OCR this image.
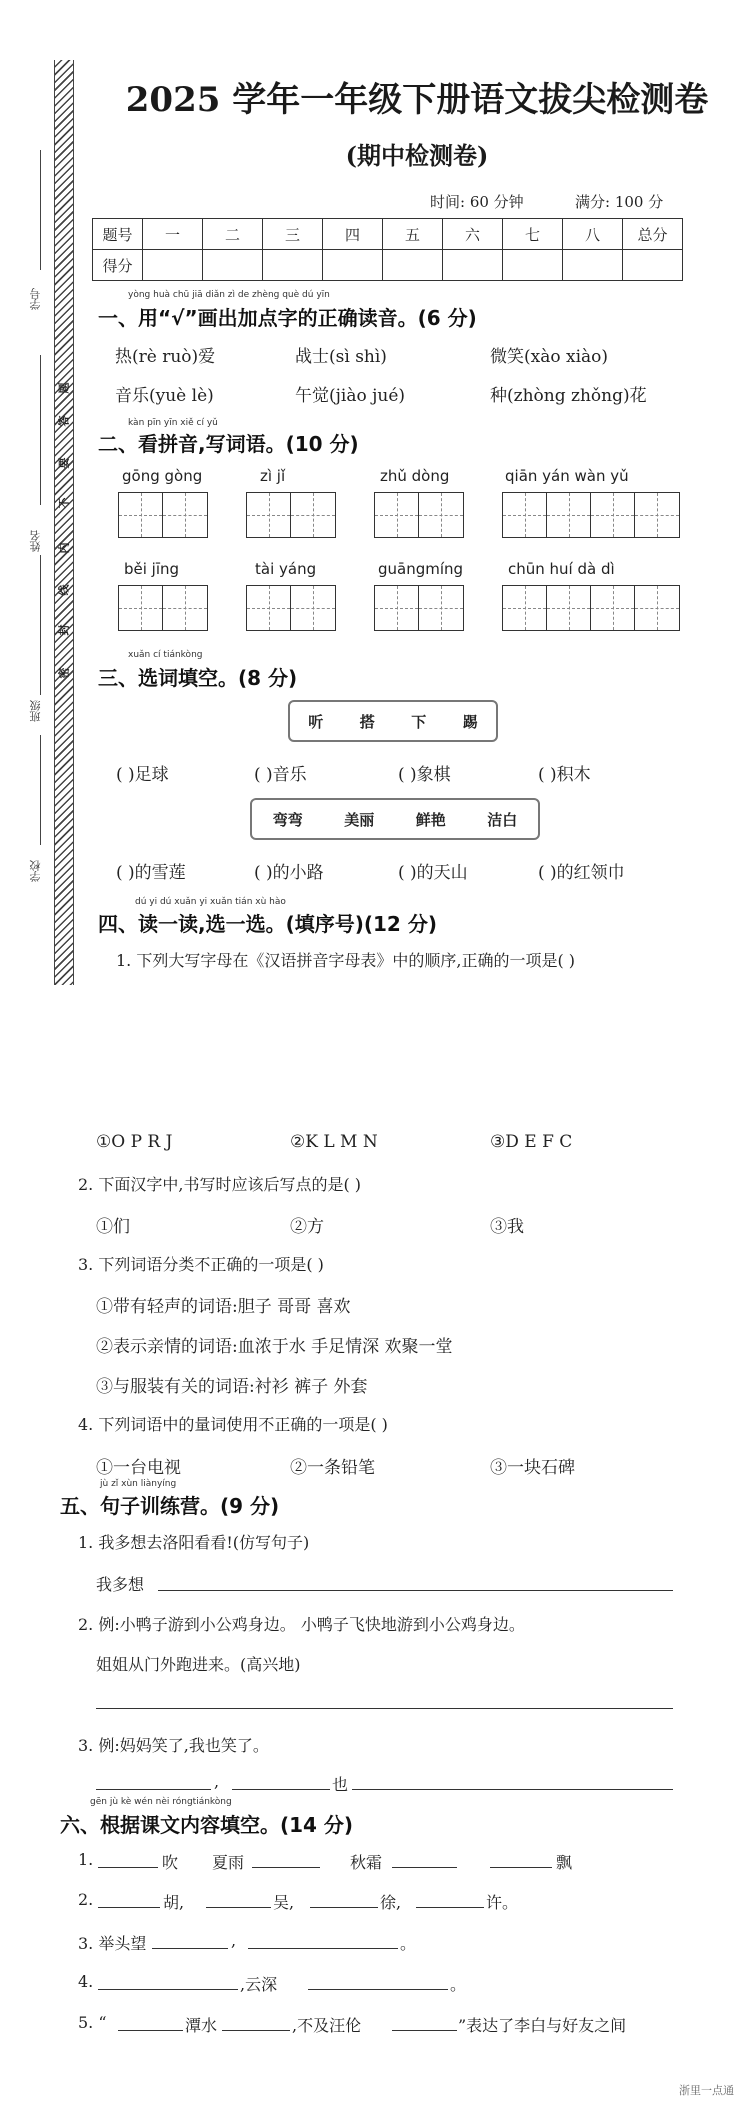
学号
姓名
班级
学校
题
答
要
不
内
线
封
密
2025 学年一年级下册语文拔尖检测卷
(期中检测卷)
时间: 60 分钟	满分: 100 分
题号	一	二	三	四	五	六	七	八	总分
得分									
yòng huà chū jiā diǎn zì de zhèng què dú yīn
一、用“√”画出加点字的正确读音。(6 分)
热(rè ruò)爱	战士(sì shì)	微笑(xào xiào)
音乐(yuè lè)	午觉(jiào jué)	种(zhòng zhǒng)花
kàn pīn yīn xiě cí yǔ
二、看拼音,写词语。(10 分)
gōng gòng	zì jǐ	zhǔ dòng	qiān yán wàn yǔ
běi jīng	tài yáng	guāngmíng	chūn huí dà dì
xuǎn cí tiánkòng
三、选词填空。(8 分)
听 搭 下 踢
( )足球	( )音乐	( )象棋	( )积木
弯弯	美丽	鲜艳	洁白
( )的雪莲	( )的小路	( )的天山	( )的红领巾
dú yi dú xuǎn yi xuǎn tián xù hào
四、读一读,选一选。(填序号)(12 分)
1. 下列大写字母在《汉语拼音字母表》中的顺序,正确的一项是( )
①O P R J	②K L M N	③D E F C
2. 下面汉字中,书写时应该后写点的是( )
①们	②方	③我
3. 下列词语分类不正确的一项是( )
①带有轻声的词语:胆子 哥哥 喜欢
②表示亲情的词语:血浓于水 手足情深 欢聚一堂
③与服装有关的词语:衬衫 裤子 外套
4. 下列词语中的量词使用不正确的一项是( )
①一台电视	②一条铅笔	③一块石碑
jù zǐ xùn liànyíng
五、句子训练营。(9 分)
1. 我多想去洛阳看看!(仿写句子)
我多想
2. 例:小鸭子游到小公鸡身边。 小鸭子飞快地游到小公鸡身边。
姐姐从门外跑进来。(高兴地)
3. 例:妈妈笑了,我也笑了。
,	也
gēn jù kè wén nèi róngtiánkòng
六、根据课文内容填空。(14 分)
1.	吹 夏雨	秋霜	飘
2.	胡,	吴,	徐,	许。
3. 举头望	,	。
4.	,云深	。
5. “	潭水	,不及汪伦	”表达了李白与好友之间
浙里一点通
